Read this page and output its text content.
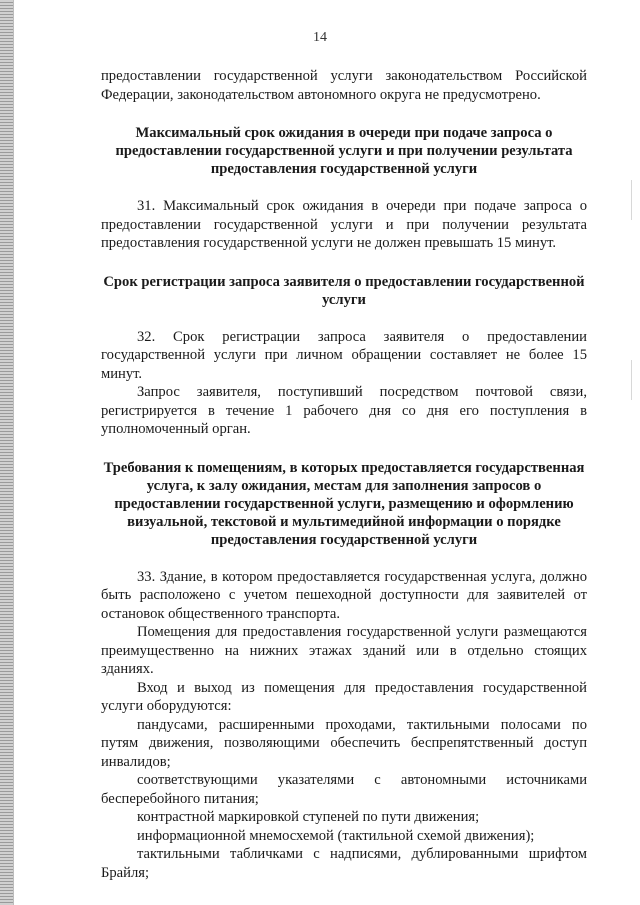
14

предоставлении государственной услуги законодательством Российской Федерации, законодательством автономного округа не предусмотрено.

Максимальный срок ожидания в очереди при подаче запроса о предоставлении государственной услуги и при получении результата предоставления государственной услуги

31. Максимальный срок ожидания в очереди при подаче запроса о предоставлении государственной услуги и при получении результата предоставления государственной услуги не должен превышать 15 минут.

Срок регистрации запроса заявителя о предоставлении государственной услуги

32. Срок регистрации запроса заявителя о предоставлении государственной услуги при личном обращении составляет не более 15 минут.

Запрос заявителя, поступивший посредством почтовой связи, регистрируется в течение 1 рабочего дня со дня его поступления в уполномоченный орган.

Требования к помещениям, в которых предоставляется государственная услуга, к залу ожидания, местам для заполнения запросов о предоставлении государственной услуги, размещению и оформлению визуальной, текстовой и мультимедийной информации о порядке предоставления государственной услуги

33. Здание, в котором предоставляется государственная услуга, должно быть расположено с учетом пешеходной доступности для заявителей от остановок общественного транспорта.

Помещения для предоставления государственной услуги размещаются преимущественно на нижних этажах зданий или в отдельно стоящих зданиях.

Вход и выход из помещения для предоставления государственной услуги оборудуются:

пандусами, расширенными проходами, тактильными полосами по путям движения, позволяющими обеспечить беспрепятственный доступ инвалидов;

соответствующими указателями с автономными источниками бесперебойного питания;

контрастной маркировкой ступеней по пути движения;

информационной мнемосхемой (тактильной схемой движения);

тактильными табличками с надписями, дублированными шрифтом Брайля;
